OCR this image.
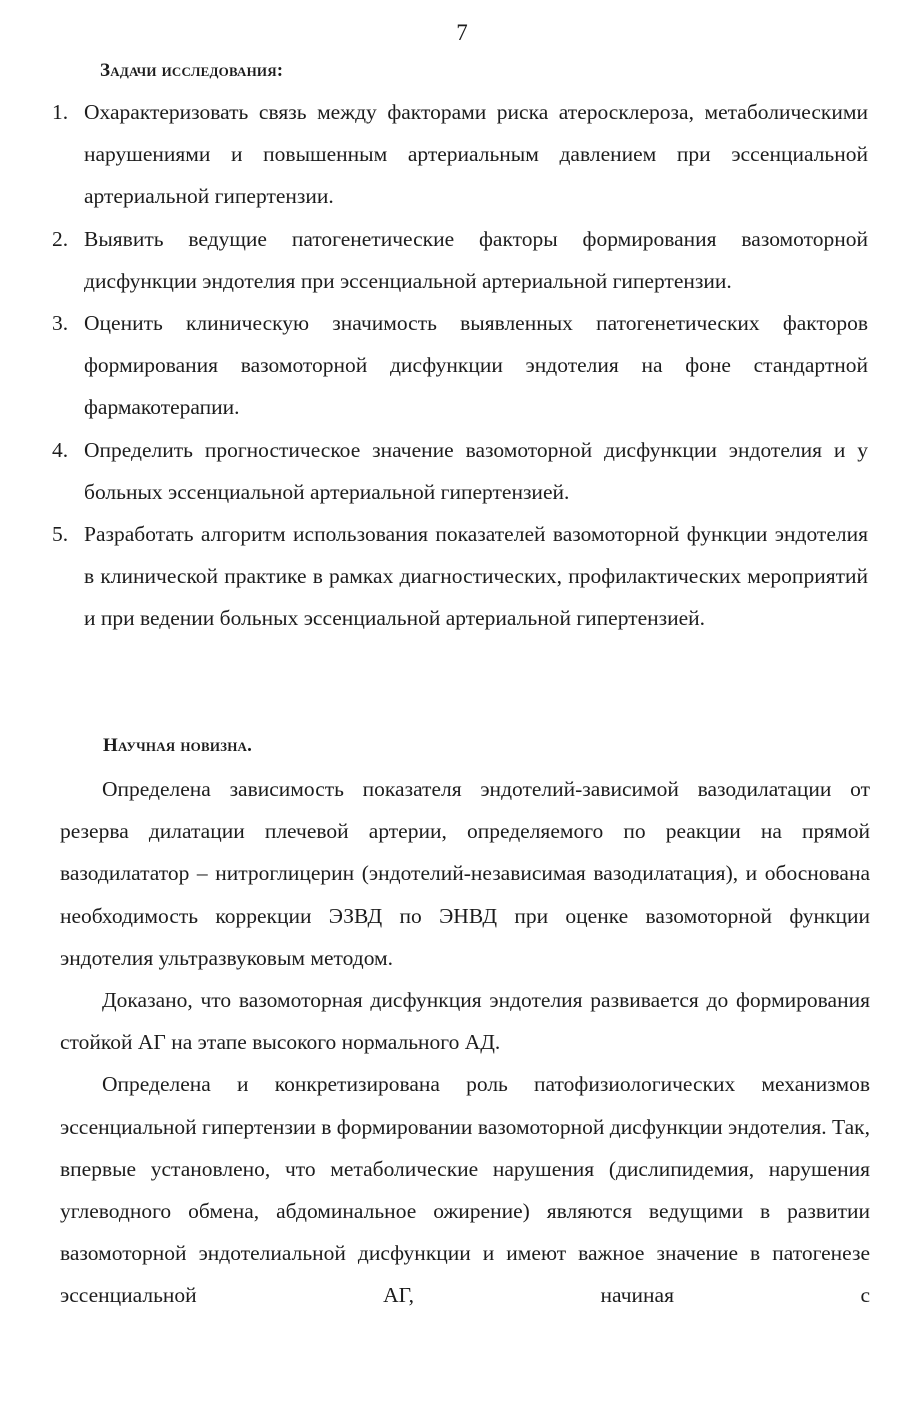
7
Задачи исследования:
1. Охарактеризовать связь между факторами риска атеросклероза, метаболическими нарушениями и повышенным артериальным давлением при эссенциальной артериальной гипертензии.
2. Выявить ведущие патогенетические факторы формирования вазомоторной дисфункции эндотелия при эссенциальной артериальной гипертензии.
3. Оценить клиническую значимость выявленных патогенетических факторов формирования вазомоторной дисфункции эндотелия на фоне стандартной фармакотерапии.
4. Определить прогностическое значение вазомоторной дисфункции эндотелия и у больных эссенциальной артериальной гипертензией.
5. Разработать алгоритм использования показателей вазомоторной функции эндотелия в клинической практике в рамках диагностических, профилактических мероприятий и при ведении больных эссенциальной артериальной гипертензией.
Научная новизна.

Определена зависимость показателя эндотелий-зависимой вазодилатации от резерва дилатации плечевой артерии, определяемого по реакции на прямой вазодилататор – нитроглицерин (эндотелий-независимая вазодилатация), и обоснована необходимость коррекции ЭЗВД по ЭНВД при оценке вазомоторной функции эндотелия ультразвуковым методом.

Доказано, что вазомоторная дисфункция эндотелия развивается до формирования стойкой АГ на этапе высокого нормального АД.

Определена и конкретизирована роль патофизиологических механизмов эссенциальной гипертензии в формировании вазомоторной дисфункции эндотелия. Так, впервые установлено, что метаболические нарушения (дислипидемия, нарушения углеводного обмена, абдоминальное ожирение) являются ведущими в развитии вазомоторной эндотелиальной дисфункции и имеют важное значение в патогенезе эссенциальной АГ, начиная с
